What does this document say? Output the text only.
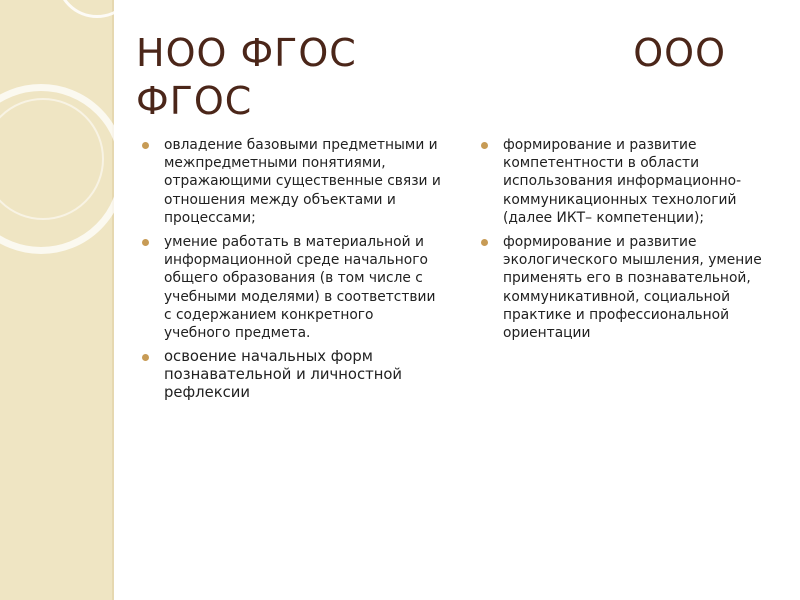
НОО ФГОС	ООО
ФГОС
овладение базовыми предметными и межпредметными понятиями, отражающими существенные связи и отношения между объектами и процессами;
умение работать в материальной и информационной среде начального общего образования (в том числе с учебными моделями) в соответствии с содержанием конкретного учебного предмета.
освоение начальных форм познавательной и личностной рефлексии
формирование и развитие компетентности в области использования информационно-коммуникационных технологий (далее ИКТ– компетенции);
формирование и развитие экологического мышления, умение применять его в познавательной, коммуникативной, социальной практике и профессиональной ориентации
